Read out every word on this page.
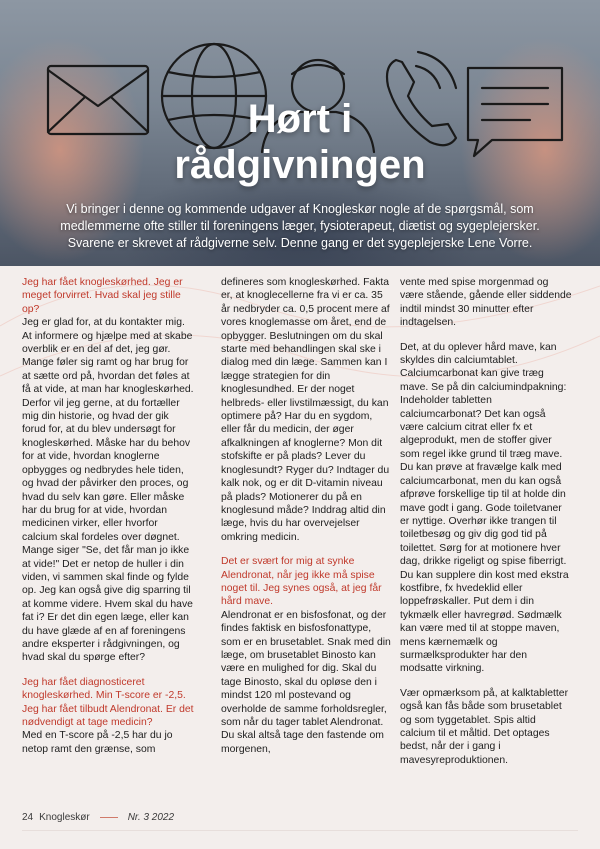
Hørt i
rådgivningen
Vi bringer i denne og kommende udgaver af Knogleskør nogle af de spørgsmål, som medlemmerne ofte stiller til foreningens læger, fysioterapeut, diætist og sygeplejersker. Svarene er skrevet af rådgiverne selv. Denne gang er det sygeplejerske Lene Vorre.

Jeg har fået knogleskørhed. Jeg er meget forvirret. Hvad skal jeg stille op?

Jeg er glad for, at du kontakter mig. At informere og hjælpe med at skabe overblik er en del af det, jeg gør. Mange føler sig ramt og har brug for at sætte ord på, hvordan det føles at få at vide, at man har knogleskørhed. Derfor vil jeg gerne, at du fortæller mig din historie, og hvad der gik forud for, at du blev undersøgt for knogleskørhed. Måske har du behov for at vide, hvordan knoglerne opbygges og nedbrydes hele tiden, og hvad der påvirker den proces, og hvad du selv kan gøre. Eller måske har du brug for at vide, hvordan medicinen virker, eller hvorfor calcium skal fordeles over døgnet. Mange siger "Se, det får man jo ikke at vide!" Det er netop de huller i din viden, vi sammen skal finde og fylde op. Jeg kan også give dig sparring til at komme videre. Hvem skal du have fat i? Er det din egen læge, eller kan du have glæde af en af foreningens andre eksperter i rådgivningen, og hvad skal du spørge efter?

Jeg har fået diagnosticeret knogleskørhed. Min T-score er -2,5. Jeg har fået tilbudt Alendronat. Er det nødvendigt at tage medicin?

Med en T-score på -2,5 har du jo netop ramt den grænse, som

defineres som knogleskørhed. Fakta er, at knoglecellerne fra vi er ca. 35 år nedbryder ca. 0,5 procent mere af vores knoglemasse om året, end de opbygger. Beslutningen om du skal starte med behandlingen skal ske i dialog med din læge. Sammen kan I lægge strategien for din knoglesundhed. Er der noget helbreds- eller livstilmæssigt, du kan optimere på? Har du en sygdom, eller får du medicin, der øger afkalkningen af knoglerne? Mon dit stofskifte er på plads? Lever du knoglesundt? Ryger du? Indtager du kalk nok, og er dit D-vitamin niveau på plads? Motionerer du på en knoglesund måde? Inddrag altid din læge, hvis du har overvejelser omkring medicin.

Det er svært for mig at synke Alendronat, når jeg ikke må spise noget til. Jeg synes også, at jeg får hård mave.

Alendronat er en bisfosfonat, og der findes faktisk en bisfosfonattype, som er en brusetablet. Snak med din læge, om brusetablet Binosto kan være en mulighed for dig. Skal du tage Binosto, skal du opløse den i mindst 120 ml postevand og overholde de samme forholdsregler, som når du tager tablet Alendronat. Du skal altså tage den fastende om morgenen,

vente med spise morgenmad og være stående, gående eller siddende indtil mindst 30 minutter efter indtagelsen.

Det, at du oplever hård mave, kan skyldes din calciumtablet. Calciumcarbonat kan give træg mave. Se på din calciumindpakning: Indeholder tabletten calciumcarbonat? Det kan også være calcium citrat eller fx et algeprodukt, men de stoffer giver som regel ikke grund til træg mave. Du kan prøve at fravælge kalk med calciumcarbonat, men du kan også afprøve forskellige tip til at holde din mave godt i gang. Gode toiletvaner er nyttige. Overhør ikke trangen til toiletbesøg og giv dig god tid på toilettet. Sørg for at motionere hver dag, drikke rigeligt og spise fiberrigt. Du kan supplere din kost med ekstra kostfibre, fx hvedeklid eller loppefrøskaller. Put dem i din tykmælk eller havregrød. Sødmælk kan være med til at stoppe maven, mens kærnemælk og surmælksprodukter har den modsatte virkning.

Vær opmærksom på, at kalktabletter også kan fås både som brusetablet og som tyggetablet. Spis altid calcium til et måltid. Det optages bedst, når der i gang i mavesyreproduktionen.

24 Knogleskør	Nr. 3 2022
